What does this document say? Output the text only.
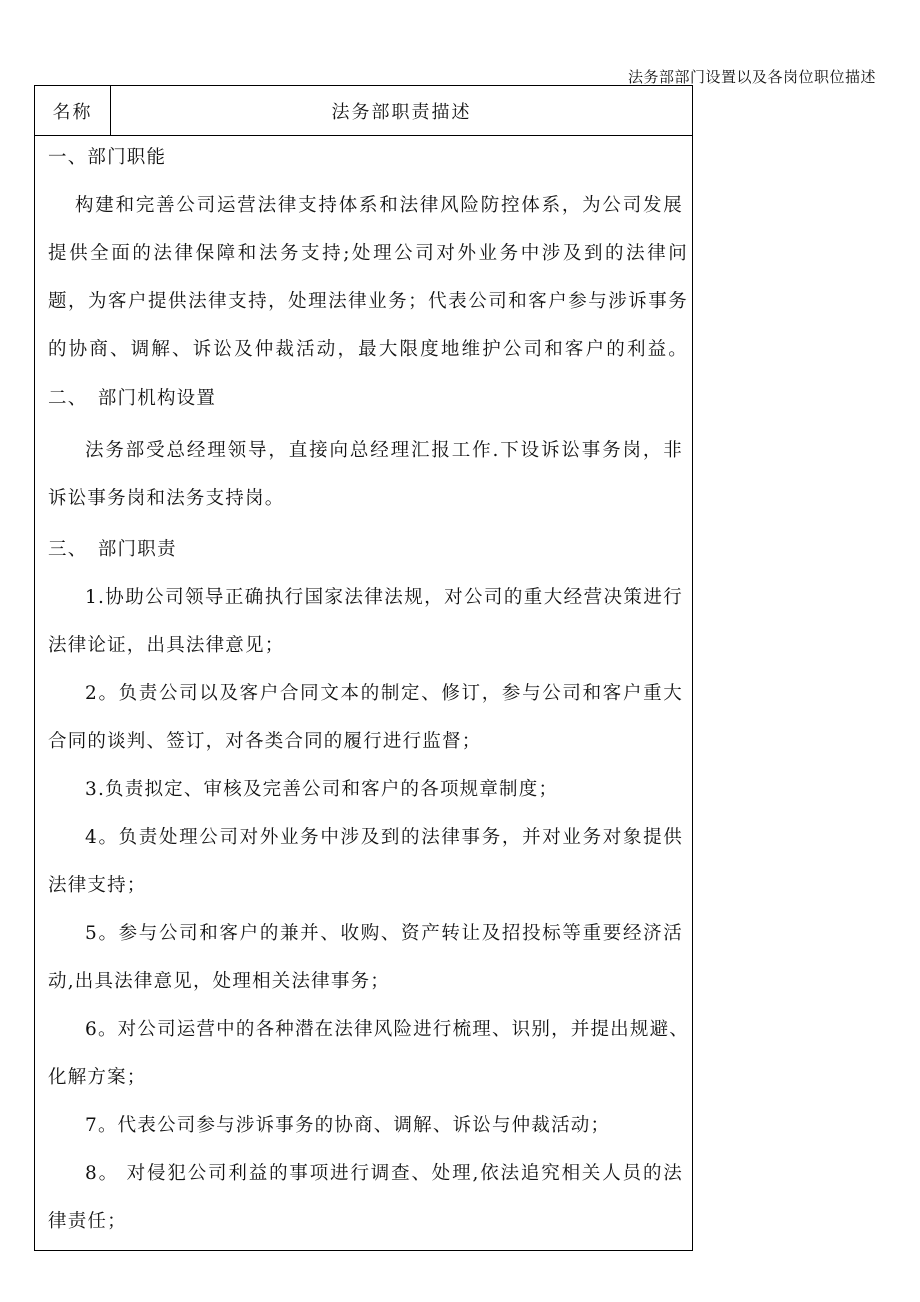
法务部部门设置以及各岗位职位描述
名称	法务部职责描述
一、部门职能
构建和完善公司运营法律支持体系和法律风险防控体系，为公司发展
提供全面的法律保障和法务支持;处理公司对外业务中涉及到的法律问
题，为客户提供法律支持，处理法律业务；代表公司和客户参与涉诉事务
的协商、调解、诉讼及仲裁活动，最大限度地维护公司和客户的利益。
二、　部门机构设置
法务部受总经理领导，直接向总经理汇报工作.下设诉讼事务岗，非
诉讼事务岗和法务支持岗。
三、　部门职责
1.协助公司领导正确执行国家法律法规，对公司的重大经营决策进行
法律论证，出具法律意见；
2。负责公司以及客户合同文本的制定、修订，参与公司和客户重大
合同的谈判、签订，对各类合同的履行进行监督；
3.负责拟定、审核及完善公司和客户的各项规章制度；
4。负责处理公司对外业务中涉及到的法律事务，并对业务对象提供
法律支持；
5。参与公司和客户的兼并、收购、资产转让及招投标等重要经济活
动,出具法律意见，处理相关法律事务；
6。对公司运营中的各种潜在法律风险进行梳理、识别，并提出规避、
化解方案；
7。代表公司参与涉诉事务的协商、调解、诉讼与仲裁活动；
8。 对侵犯公司利益的事项进行调查、处理,依法追究相关人员的法
律责任；
